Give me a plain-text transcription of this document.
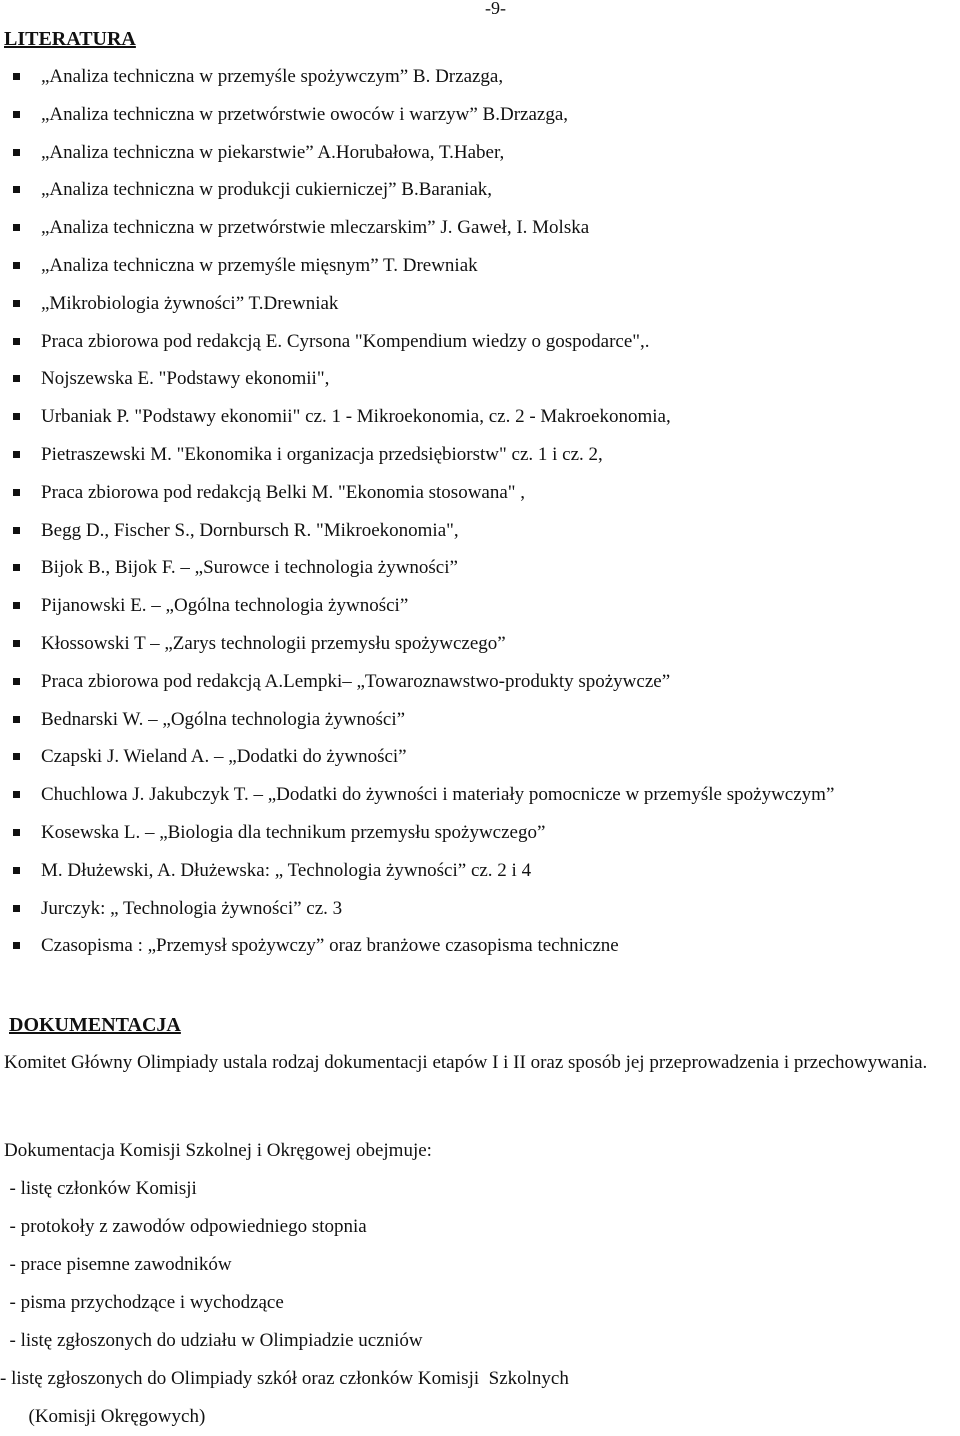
-9-
LITERATURA
„Analiza techniczna w przemyśle spożywczym” B. Drzazga,
„Analiza techniczna w przetwórstwie owoców i warzyw” B.Drzazga,
„Analiza techniczna w piekarstwie” A.Horubałowa, T.Haber,
„Analiza techniczna w produkcji cukierniczej” B.Baraniak,
„Analiza techniczna w przetwórstwie mleczarskim” J. Gaweł, I. Molska
„Analiza techniczna w przemyśle mięsnym” T. Drewniak
„Mikrobiologia żywności” T.Drewniak
Praca zbiorowa pod redakcją E. Cyrsona "Kompendium wiedzy o gospodarce",.
Nojszewska E. "Podstawy ekonomii",
Urbaniak P. "Podstawy ekonomii" cz. 1 - Mikroekonomia, cz. 2 - Makroekonomia,
Pietraszewski M. "Ekonomika i organizacja przedsiębiorstw" cz. 1 i cz. 2,
Praca zbiorowa pod redakcją Belki M. "Ekonomia stosowana" ,
Begg D., Fischer S., Dornbursch R. "Mikroekonomia",
Bijok B., Bijok F. – „Surowce i technologia żywności”
Pijanowski E. – „Ogólna technologia żywności”
Kłossowski T – „Zarys technologii przemysłu spożywczego”
Praca zbiorowa pod redakcją A.Lempki– „Towaroznawstwo-produkty spożywcze”
Bednarski W. – „Ogólna technologia żywności”
Czapski J. Wieland A. – „Dodatki do żywności”
Chuchlowa J. Jakubczyk T. – „Dodatki do żywności i materiały pomocnicze w przemyśle spożywczym”
Kosewska L. – „Biologia dla technikum przemysłu spożywczego”
M. Dłużewski, A. Dłużewska: „ Technologia żywności” cz. 2 i 4
Jurczyk: „ Technologia żywności” cz. 3
Czasopisma : „Przemysł spożywczy” oraz branżowe czasopisma techniczne
DOKUMENTACJA

Komitet Główny Olimpiady ustala rodzaj dokumentacji etapów I i II oraz sposób jej przeprowadzenia i przechowywania.

Dokumentacja Komisji Szkolnej i Okręgowej obejmuje:

- listę członków Komisji
- protokoły z zawodów odpowiedniego stopnia
- prace pisemne zawodników
- pisma przychodzące i wychodzące
- listę zgłoszonych do udziału w Olimpiadzie uczniów
- listę zgłoszonych do Olimpiady szkół oraz członków Komisji  Szkolnych
(Komisji Okręgowych)
